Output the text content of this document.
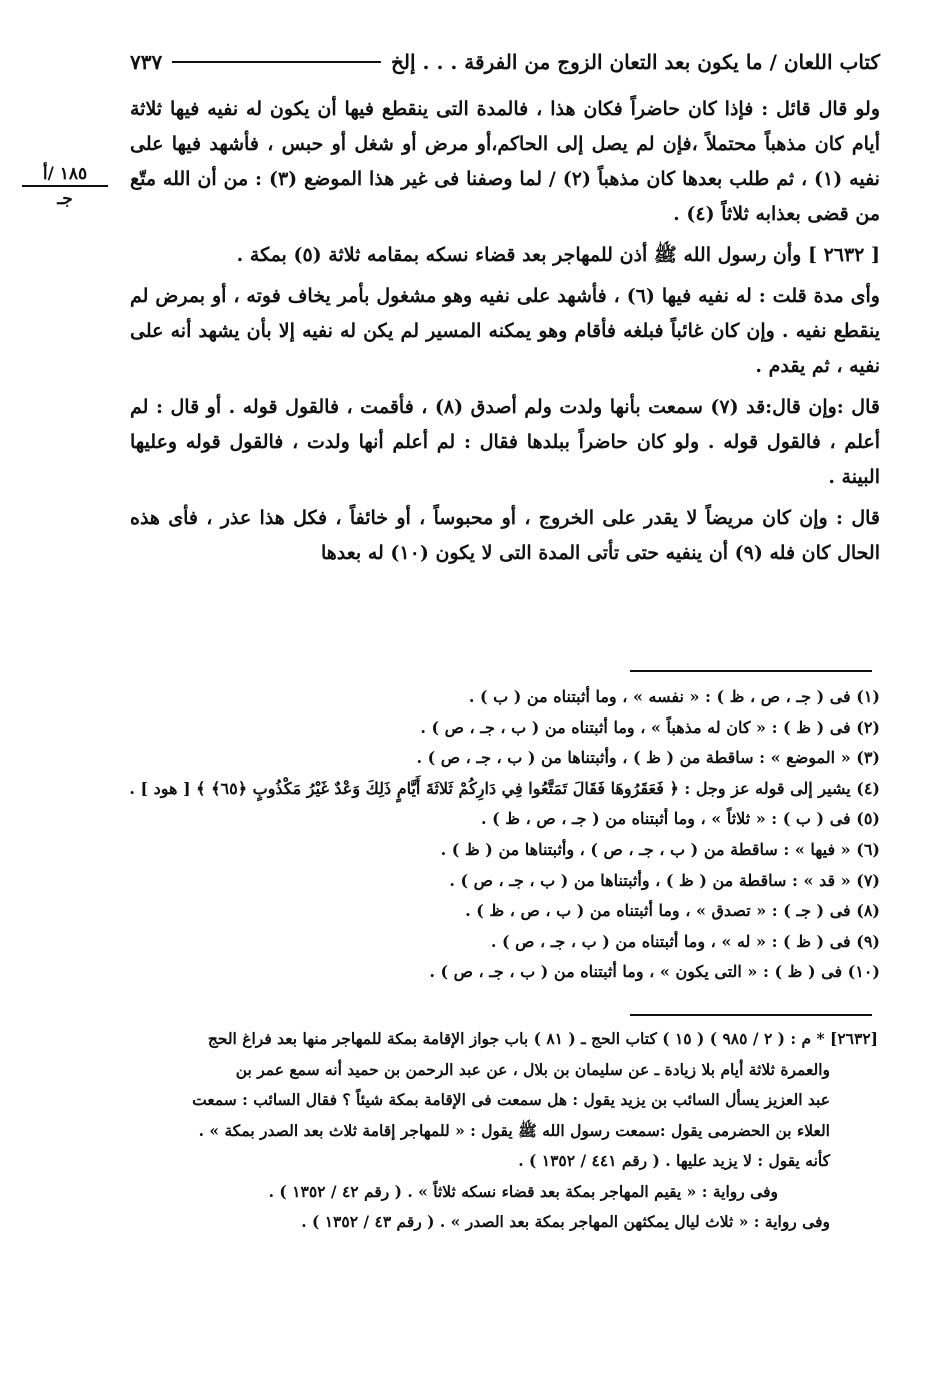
كتاب اللعان / ما يكون بعد التعان الزوج من الفرقة . . . إلخ
٧٣٧
١٨٥ /أ
جـ

ولو قال قائل : فإذا كان حاضراً فكان هذا ، فالمدة التى ينقطع فيها أن يكون له نفيه فيها ثلاثة أيام كان مذهباً محتملاً ،فإن لم يصل إلى الحاكم،أو مرض أو شغل أو حبس ، فأشهد فيها على نفيه (١) ، ثم طلب بعدها كان مذهباً (٢) / لما وصفنا فى غير هذا الموضع (٣) : من أن الله متّع من قضى بعذابه ثلاثاً (٤) .

[ ٢٦٣٢ ] وأن رسول الله ﷺ أذن للمهاجر بعد قضاء نسكه بمقامه ثلاثة (٥) بمكة .

وأى مدة قلت : له نفيه فيها (٦) ، فأشهد على نفيه وهو مشغول بأمر يخاف فوته ، أو بمرض لم ينقطع نفيه . وإن كان غائباً فبلغه فأقام وهو يمكنه المسير لم يكن له نفيه إلا بأن يشهد أنه على نفيه ، ثم يقدم .

قال :وإن قال:قد (٧) سمعت بأنها ولدت ولم أصدق (٨) ، فأقمت ، فالقول قوله . أو قال : لم أعلم ، فالقول قوله . ولو كان حاضراً ببلدها فقال : لم أعلم أنها ولدت ، فالقول قوله وعليها البينة .

قال : وإن كان مريضاً لا يقدر على الخروج ، أو محبوساً ، أو خائفاً ، فكل هذا عذر ، فأى هذه الحال كان فله (٩) أن ينفيه حتى تأتى المدة التى لا يكون (١٠) له بعدها

(١) فى ( جـ ، ص ، ظ ) : « نفسه » ، وما أثبتناه من ( ب ) .
(٢) فى ( ظ ) : « كان له مذهباً » ، وما أثبتناه من ( ب ، جـ ، ص ) .
(٣) « الموضع » : ساقطة من ( ظ ) ، وأثبتناها من ( ب ، جـ ، ص ) .
(٤) يشير إلى قوله عز وجل : ﴿ فَعَقَرُوهَا فَقَالَ تَمَتَّعُوا فِي دَارِكُمْ ثَلاثَةَ أَيَّامٍ ذَلِكَ وَعْدٌ غَيْرُ مَكْذُوبٍ ﴿٦٥﴾ ﴾ [ هود ] .
(٥) فى ( ب ) : « ثلاثاً » ، وما أثبتناه من ( جـ ، ص ، ظ ) .
(٦) « فيها » : ساقطة من ( ب ، جـ ، ص ) ، وأثبتناها من ( ظ ) .
(٧) « قد » : ساقطة من ( ظ ) ، وأثبتناها من ( ب ، جـ ، ص ) .
(٨) فى ( جـ ) : « تصدق » ، وما أثبتناه من ( ب ، ص ، ظ ) .
(٩) فى ( ظ ) : « له » ، وما أثبتناه من ( ب ، جـ ، ص ) .
(١٠) فى ( ظ ) : « التى يكون » ، وما أثبتناه من ( ب ، جـ ، ص ) .
[٢٦٣٢] * م : ( ٢ / ٩٨٥ ) ( ١٥ ) كتاب الحج ـ ( ٨١ ) باب جواز الإقامة بمكة للمهاجر منها بعد فراغ الحج
والعمرة ثلاثة أيام بلا زيادة ـ عن سليمان بن بلال ، عن عبد الرحمن بن حميد أنه سمع عمر بن
عبد العزيز يسأل السائب بن يزيد يقول : هل سمعت فى الإقامة بمكة شيئاً ؟ فقال السائب : سمعت
العلاء بن الحضرمى يقول :سمعت رسول الله ﷺ يقول : « للمهاجر إقامة ثلاث بعد الصدر بمكة » .
كأنه يقول : لا يزيد عليها . ( رقم ٤٤١ / ١٣٥٢ ) .
وفى رواية : « يقيم المهاجر بمكة بعد قضاء نسكه ثلاثاً » . ( رقم ٤٢ / ١٣٥٢ ) .
وفى رواية : « ثلاث ليال يمكثهن المهاجر بمكة بعد الصدر » . ( رقم ٤٣ / ١٣٥٢ ) .
